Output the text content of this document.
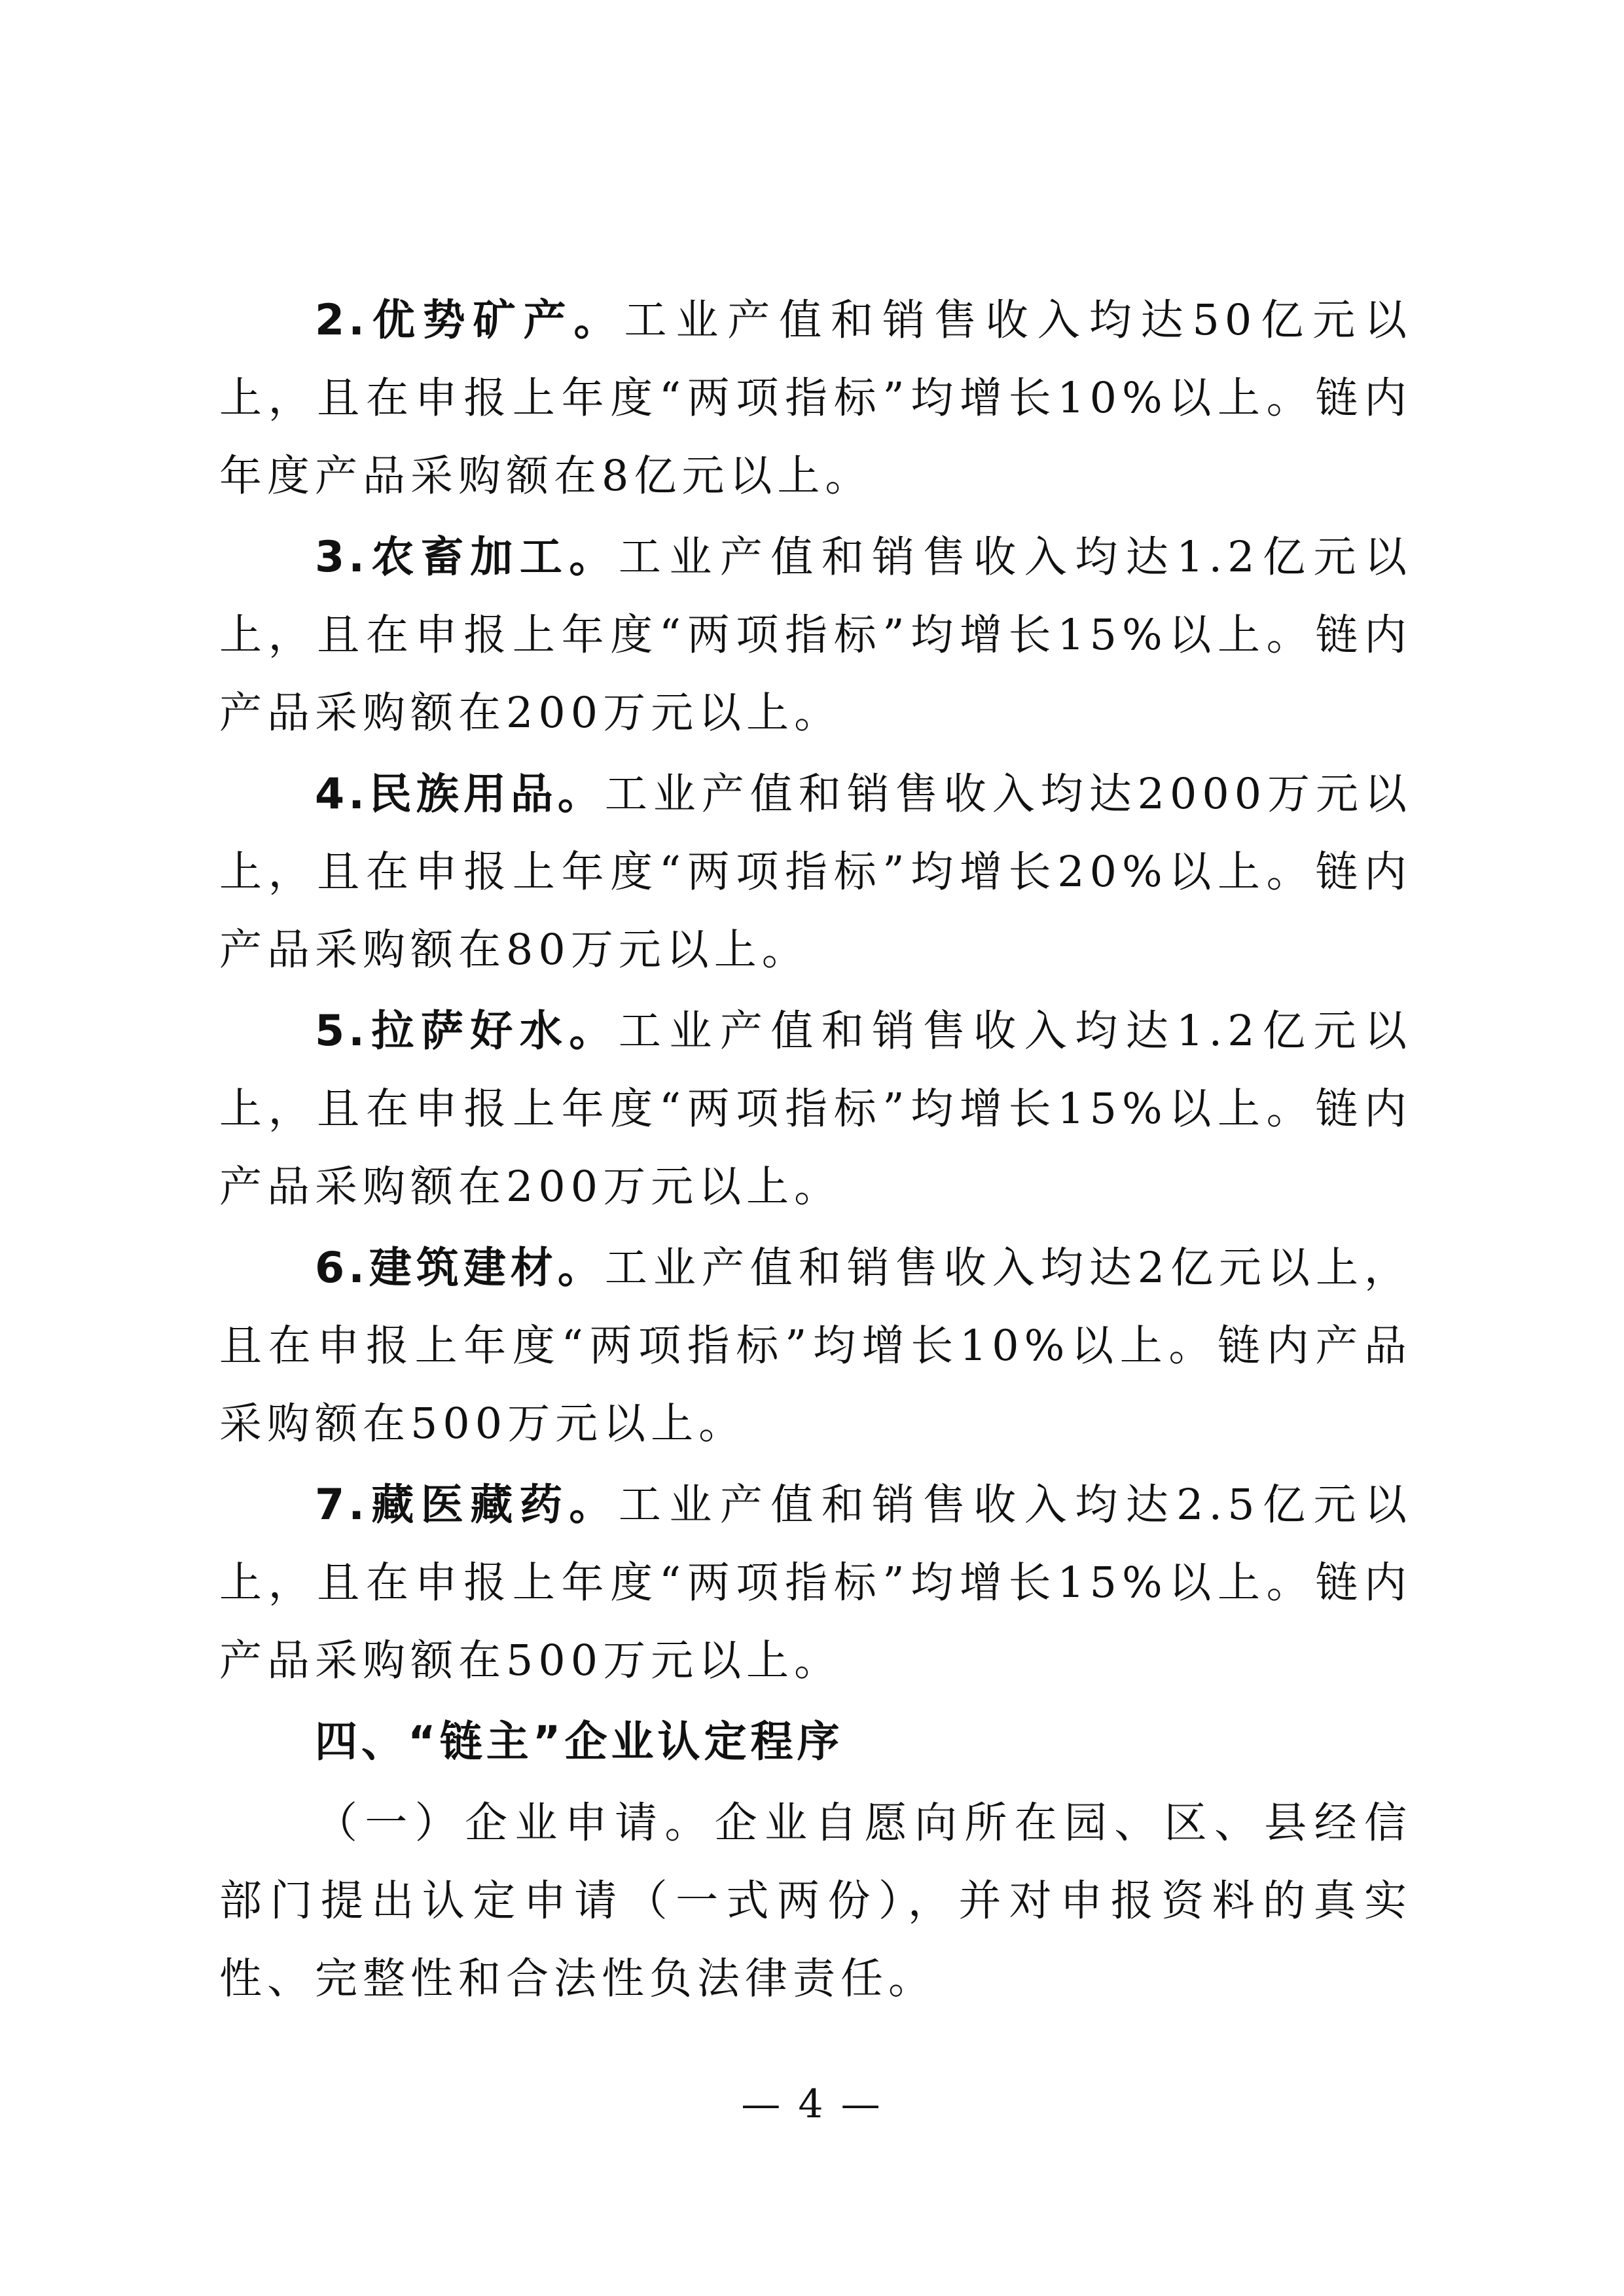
2.优势矿产。工业产值和销售收入均达50亿元以上，且在申报上年度“两项指标”均增长10%以上。链内年度产品采购额在8亿元以上。

3.农畜加工。工业产值和销售收入均达1.2亿元以上，且在申报上年度“两项指标”均增长15%以上。链内产品采购额在200万元以上。

4.民族用品。工业产值和销售收入均达2000万元以上，且在申报上年度“两项指标”均增长20%以上。链内产品采购额在80万元以上。

5.拉萨好水。工业产值和销售收入均达1.2亿元以上，且在申报上年度“两项指标”均增长15%以上。链内产品采购额在200万元以上。

6.建筑建材。工业产值和销售收入均达2亿元以上，且在申报上年度“两项指标”均增长10%以上。链内产品采购额在500万元以上。

7.藏医藏药。工业产值和销售收入均达2.5亿元以上，且在申报上年度“两项指标”均增长15%以上。链内产品采购额在500万元以上。

四、“链主”企业认定程序

（一）企业申请。企业自愿向所在园、区、县经信部门提出认定申请（一式两份），并对申报资料的真实性、完整性和合法性负法律责任。

— 4 —
